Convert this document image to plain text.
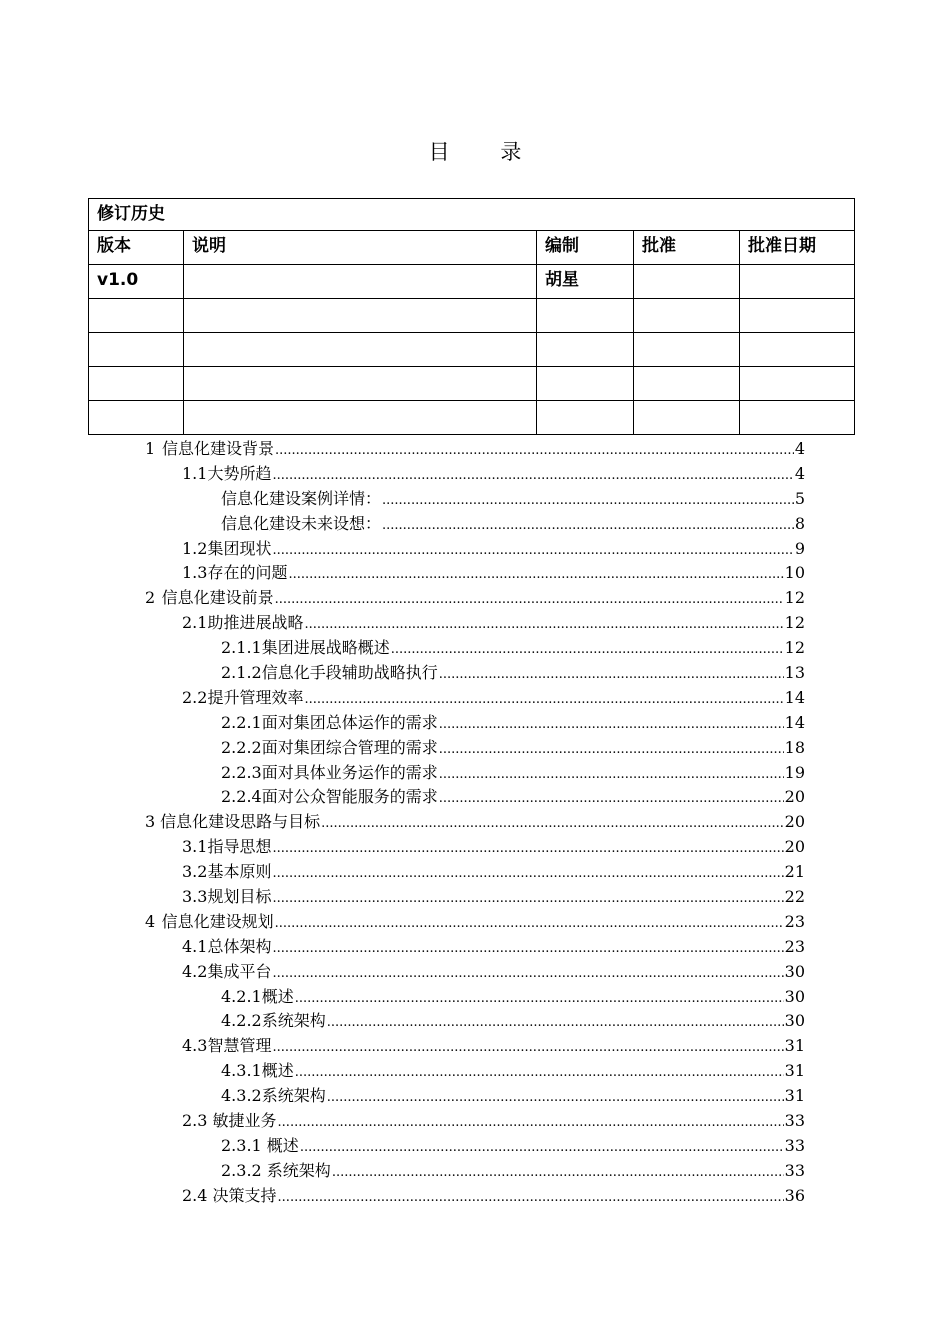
目 录
修订历史				
版本	说明	编制	批准	批准日期
v1.0		胡星		

1 信息化建设背景 .....	4
1.1 大势所趋 .....	4
信息化建设案例详情： .....	5
信息化建设未来设想： .....	8
1.2 集团现状 .....	9
1.3 存在的问题 .....	10
2 信息化建设前景 .....	12
2.1 助推进展战略 .....	12
2.1.1 集团进展战略概述 .....	12
2.1.2 信息化手段辅助战略执行 .....	13
2.2 提升管理效率 .....	14
2.2.1 面对集团总体运作的需求 .....	14
2.2.2 面对集团综合管理的需求 .....	18
2.2.3 面对具体业务运作的需求 .....	19
2.2.4 面对公众智能服务的需求 .....	20
3 信息化建设思路与目标 .....	20
3.1 指导思想 .....	20
3.2 基本原则 .....	21
3.3 规划目标 .....	22
4 信息化建设规划 .....	23
4.1 总体架构 .....	23
4.2 集成平台 .....	30
4.2.1 概述 .....	30
4.2.2 系统架构 .....	30
4.3 智慧管理 .....	31
4.3.1 概述 .....	31
4.3.2 系统架构 .....	31
2.3 敏捷业务 .....	33
2.3.1 概述 .....	33
2.3.2 系统架构 .....	33
2.4 决策支持 .....	36
